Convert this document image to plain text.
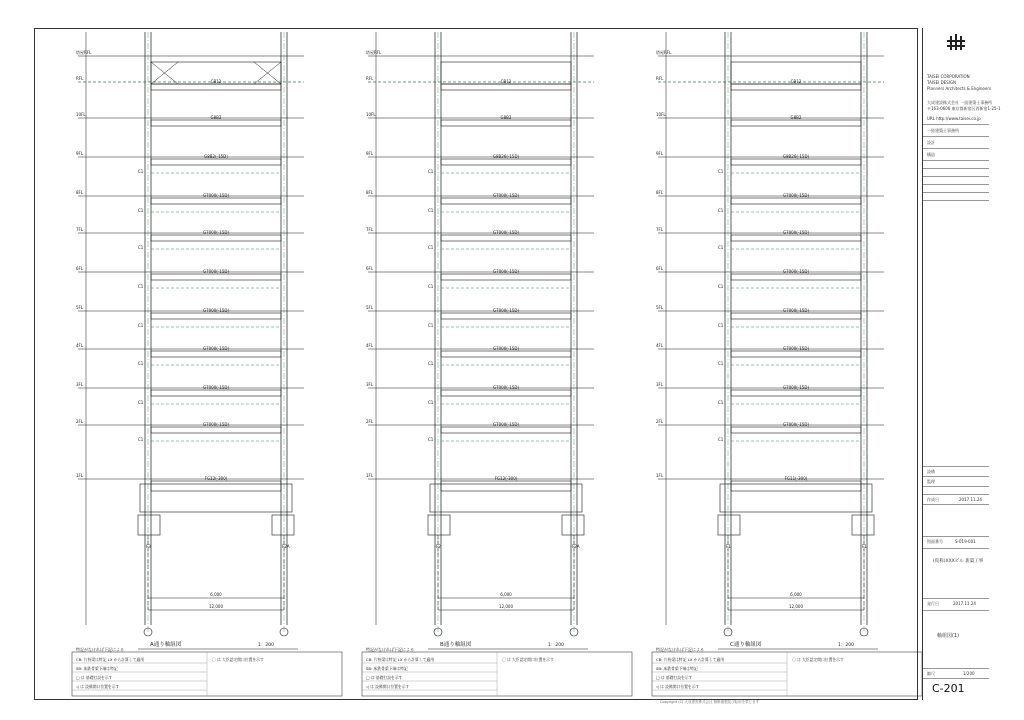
塔屋RFL
RFL
10FL
9FL
8FL
7FL
6FL
5FL
4FL
3FL
2FL
1FL
CB12
G8B2
G8B2(-15D)
C1
G7000(-15D)
C1
G7000(-15D)
C1
G7000(-15D)
C1
G7000(-15D)
C1
G7000(-15D)
C1
G7000(-15D)
C1
G7000(-15D)
C1
FG12(-300)
F3	F2A
6,000
12,000
A通り軸組図	1：200
特記がなければ下記による
CB: 片持梁は特記 LX から計算して適用
SB: 床鉄骨梁下端は特記
□ は 基礎打設を示す
◁ は 設備開口位置を示す
〇 は 大臣認定開口位置を示す
塔屋RFL
RFL
10FL
9FL
8FL
7FL
6FL
5FL
4FL
3FL
2FL
1FL
CB12
G8B2
G8B26(-15D)
C1
G7000(-15D)
C1
G7000(-15D)
C1
G7000(-15D)
C1
G7000(-15D)
C1
G7000(-15D)
C1
G7000(-15D)
C1
G7000(-15D)
C1
FG12(-300)
F2	F2A
6,000
12,000
B通り軸組図	1：200
特記がなければ下記による
CB: 片持梁は特記 LX から計算して適用
SB: 床鉄骨梁下端は特記
□ は 基礎打設を示す
◁ は 設備開口位置を示す
〇 は 大臣認定開口位置を示す
塔屋RFL
RFL
10FL
9FL
8FL
7FL
6FL
5FL
4FL
3FL
2FL
1FL
CB12
G8B2
G8B26(-15D)
C1
G7000(-15D)
C1
G7000(-15D)
C1
G7000(-15D)
C1
G7000(-15D)
C1
G7000(-15D)
C1
G7000(-15D)
C1
G7000(-15D)
C1
FG11(-300)
F1	F1
6,000
12,000
C通り軸組図	1：200
特記がなければ下記による
CB: 片持梁は特記 LX から計算して適用
SB: 床鉄骨梁下端は特記
□ は 基礎打設を示す
◁ は 設備開口位置を示す
〇 は 大臣認定開口位置を示す
TAISEI CORPORATION
TAISEI DESIGN
Planners Architects & Engineers
大成建設株式会社 一級建築士事務所
〒163-0606 東京都新宿区西新宿1-25-1
URL http://www.taisei.co.jp
一級建築士事務所
設計
構造
設備
監理
作成日	2017.11.24
図面番号	S-019-001
(仮称)XXXビル 新築工事
発行日	2017.11.24
軸組図(1)
縮尺	1/200
C-201
Copyright (C) 大成建設株式会社 無断複製及び転用を禁じます
